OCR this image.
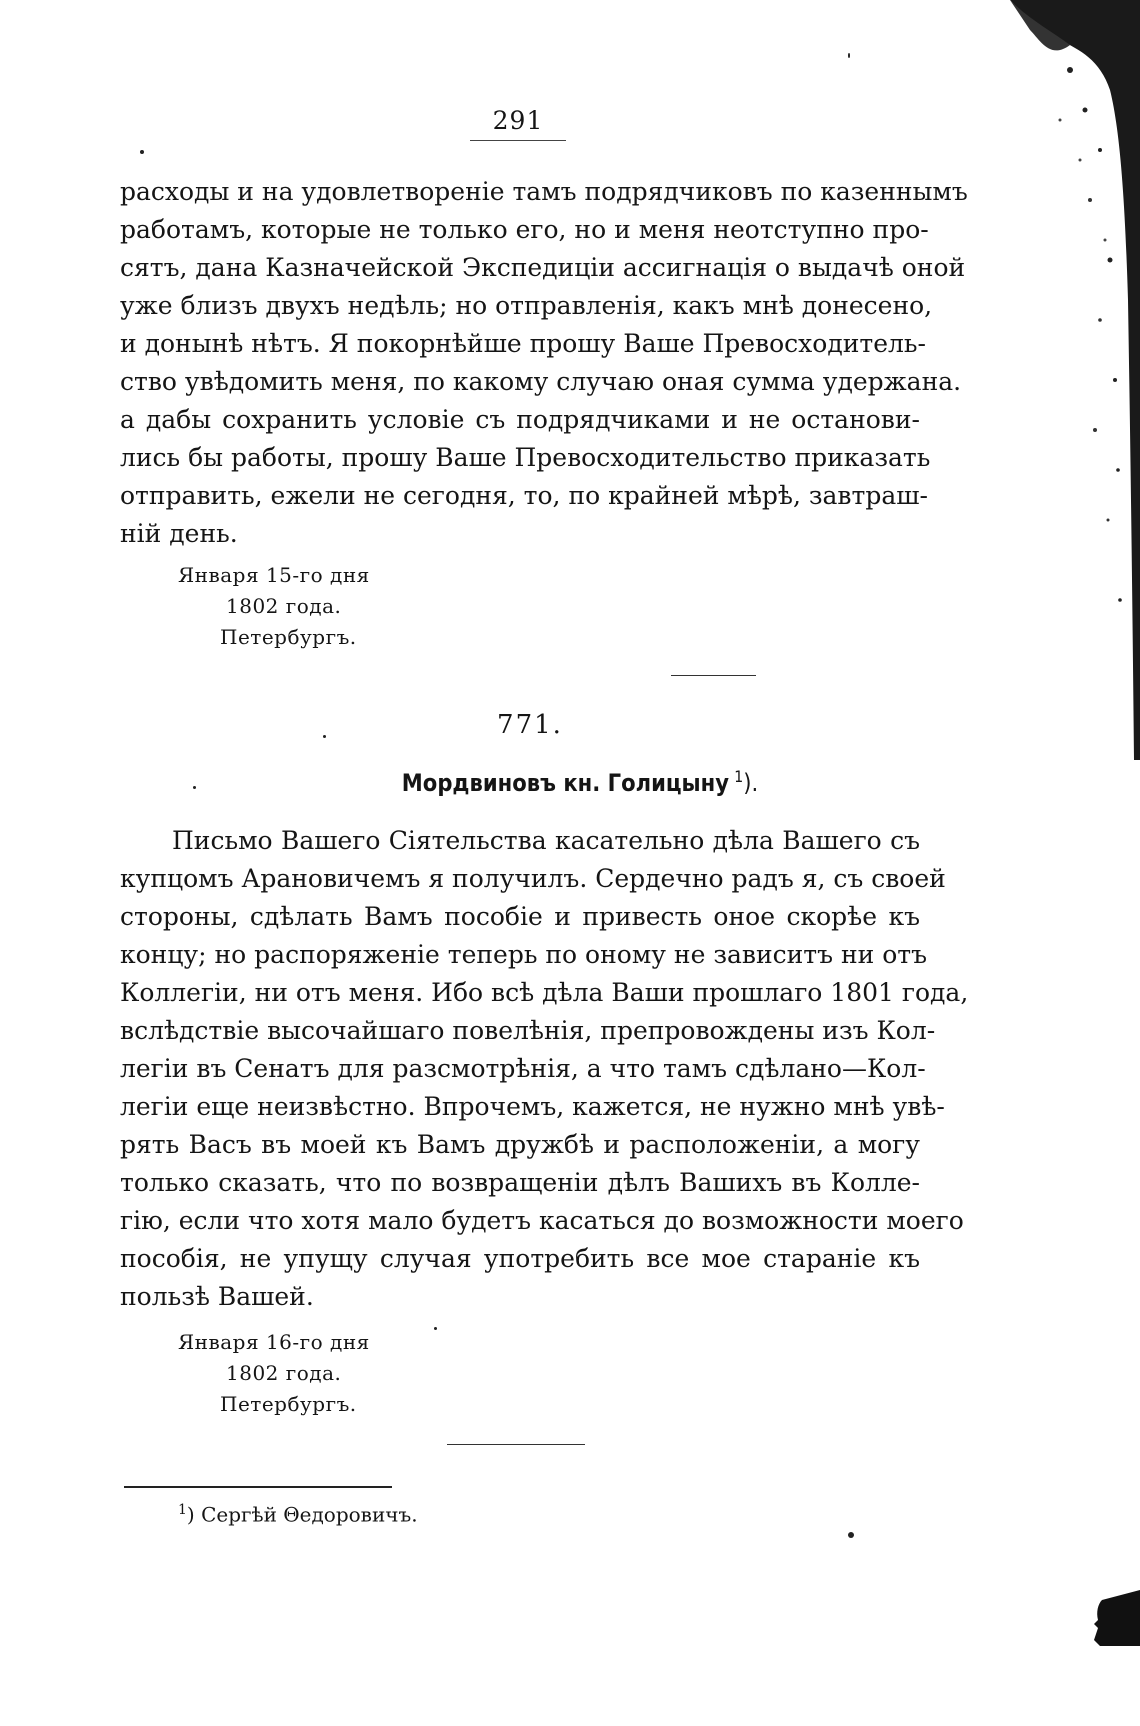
291
расходы и на удовлетворенie тамъ подрядчиковъ по казеннымъ
работамъ, которые не только его, но и меня неотступно про-
сятъ, дана Казначейской Экспедицiи ассигнацiя о выдачѣ оной
уже близъ двухъ недѣль; но отправленiя, какъ мнѣ донесено,
и донынѣ нѣтъ. Я покорнѣйше прошу Ваше Превосходитель-
ство увѣдомить меня, по какому случаю оная сумма удержана.
а дабы сохранить условiе съ подрядчиками и не останови-
лись бы работы, прошу Ваше Превосходительство приказать
отправить, ежели не сегодня, то, по крайней мѣрѣ, завтраш-
нiй день.
Января 15-го дня
1802 года.
Петербургъ.
771.
Мордвиновъ кн. Голицыну $^1$).
Письмо Вашего Сiятельства касательно дѣла Вашего съ
купцомъ Арановичемъ я получилъ. Сердечно радъ я, съ своей
стороны, сдѣлать Вамъ пособiе и привесть оное скорѣе къ
концу; но распоряженiе теперь по оному не зависитъ ни отъ
Коллегiи, ни отъ меня. Ибо всѣ дѣла Ваши прошлаго 1801 года,
вслѣдствiе высочайшаго повелѣнiя, препровождены изъ Кол-
легiи въ Сенатъ для разсмотрѣнiя, а что тамъ сдѣлано—Кол-
легiи еще неизвѣстно. Впрочемъ, кажется, не нужно мнѣ увѣ-
рять Васъ въ моей къ Вамъ дружбѣ и расположенiи, а могу
только сказать, что по возвращенiи дѣлъ Вашихъ въ Колле-
гiю, если что хотя мало будетъ касаться до возможности моего
пособiя, не упущу случая употребить все мое старанiе къ
пользѣ Вашей.
Января 16-го дня
1802 года.
Петербургъ.
$^1$) Сергѣй Θедоровичъ.
